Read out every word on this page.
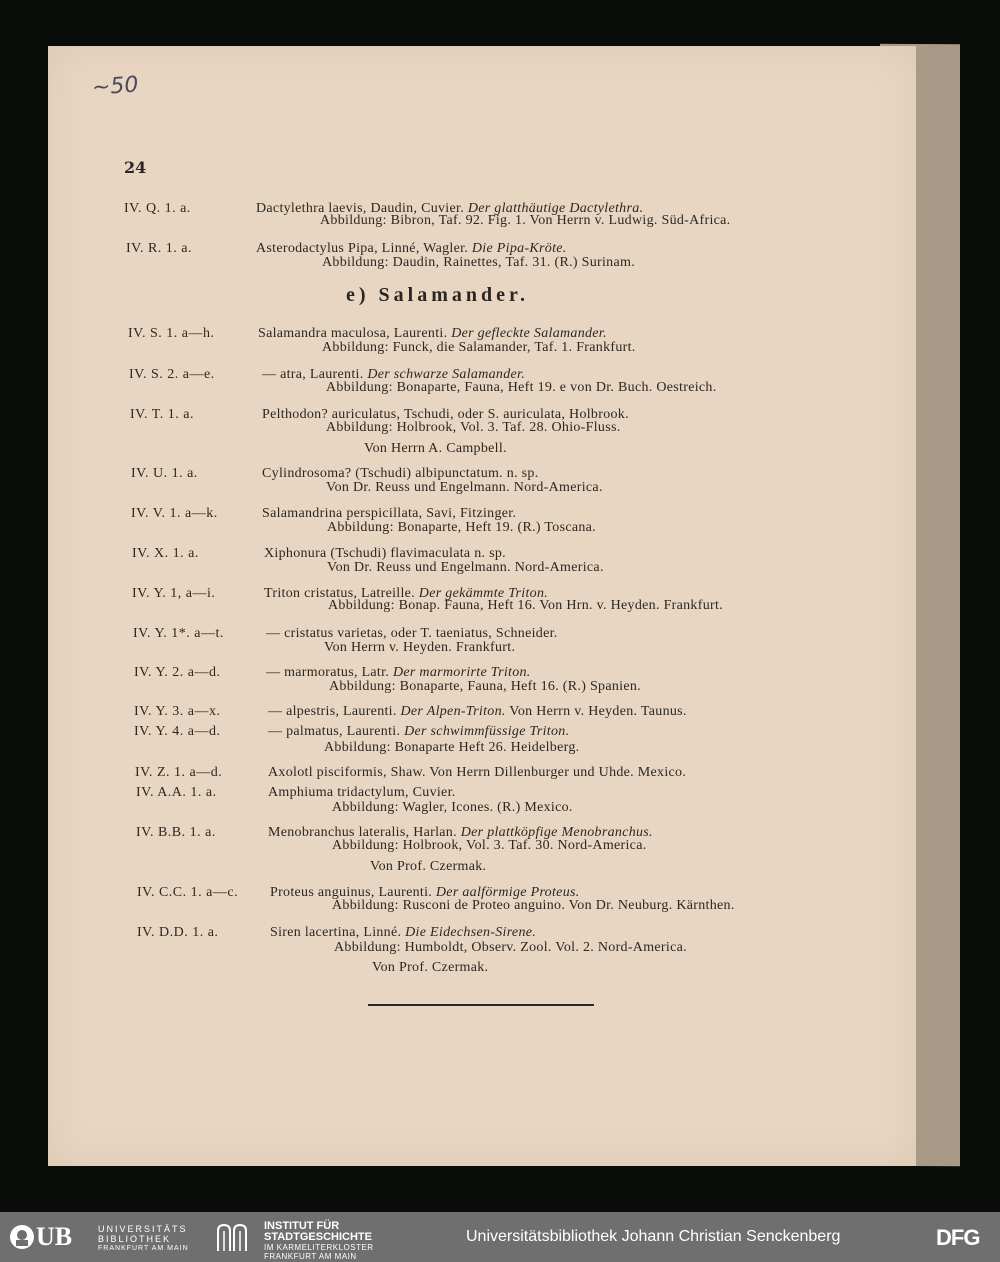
~50
24
e) Salamander.
IV. Q. 1. a.	Dactylethra laevis, Daudin, Cuvier. Der glatthäutige Dactylethra.
Abbildung: Bibron, Taf. 92. Fig. 1. Von Herrn v. Ludwig. Süd-Africa.
IV. R. 1. a.	Asterodactylus Pipa, Linné, Wagler. Die Pipa-Kröte.
Abbildung: Daudin, Rainettes, Taf. 31. (R.) Surinam.
IV. S. 1. a—h.	Salamandra maculosa, Laurenti. Der gefleckte Salamander.
Abbildung: Funck, die Salamander, Taf. 1. Frankfurt.
IV. S. 2. a—e.	— atra, Laurenti. Der schwarze Salamander.
Abbildung: Bonaparte, Fauna, Heft 19. e von Dr. Buch. Oestreich.
IV. T. 1. a.	Pelthodon? auriculatus, Tschudi, oder S. auriculata, Holbrook.
Abbildung: Holbrook, Vol. 3. Taf. 28. Ohio-Fluss.
Von Herrn A. Campbell.
IV. U. 1. a.	Cylindrosoma? (Tschudi) albipunctatum. n. sp.
Von Dr. Reuss und Engelmann. Nord-America.
IV. V. 1. a—k.	Salamandrina perspicillata, Savi, Fitzinger.
Abbildung: Bonaparte, Heft 19. (R.) Toscana.
IV. X. 1. a.	Xiphonura (Tschudi) flavimaculata n. sp.
Von Dr. Reuss und Engelmann. Nord-America.
IV. Y. 1, a—i.	Triton cristatus, Latreille. Der gekämmte Triton.
Abbildung: Bonap. Fauna, Heft 16. Von Hrn. v. Heyden. Frankfurt.
IV. Y. 1*. a—t.	— cristatus varietas, oder T. taeniatus, Schneider.
Von Herrn v. Heyden. Frankfurt.
IV. Y. 2. a—d.	— marmoratus, Latr. Der marmorirte Triton.
Abbildung: Bonaparte, Fauna, Heft 16. (R.) Spanien.
IV. Y. 3. a—x.	— alpestris, Laurenti. Der Alpen-Triton. Von Herrn v. Heyden. Taunus.
IV. Y. 4. a—d.	— palmatus, Laurenti. Der schwimmfüssige Triton.
Abbildung: Bonaparte Heft 26. Heidelberg.
IV. Z. 1. a—d.	Axolotl pisciformis, Shaw. Von Herrn Dillenburger und Uhde. Mexico.
IV. A.A. 1. a.	Amphiuma tridactylum, Cuvier.
Abbildung: Wagler, Icones. (R.) Mexico.
IV. B.B. 1. a.	Menobranchus lateralis, Harlan. Der plattköpfige Menobranchus.
Abbildung: Holbrook, Vol. 3. Taf. 30. Nord-America.
Von Prof. Czermak.
IV. C.C. 1. a—c. Proteus anguinus, Laurenti. Der aalförmige Proteus.
Abbildung: Rusconi de Proteo anguino. Von Dr. Neuburg. Kärnthen.
IV. D.D. 1. a.	Siren lacertina, Linné. Die Eidechsen-Sirene.
Abbildung: Humboldt, Observ. Zool. Vol. 2. Nord-America.
Von Prof. Czermak.
UB	UNIVERSITÄTS
BIBLIOTHEK
FRANKFURT AM MAIN
INSTITUT FÜR
STADTGESCHICHTE
IM KARMELITERKLOSTER
FRANKFURT AM MAIN
Universitätsbibliothek Johann Christian Senckenberg	DFG
